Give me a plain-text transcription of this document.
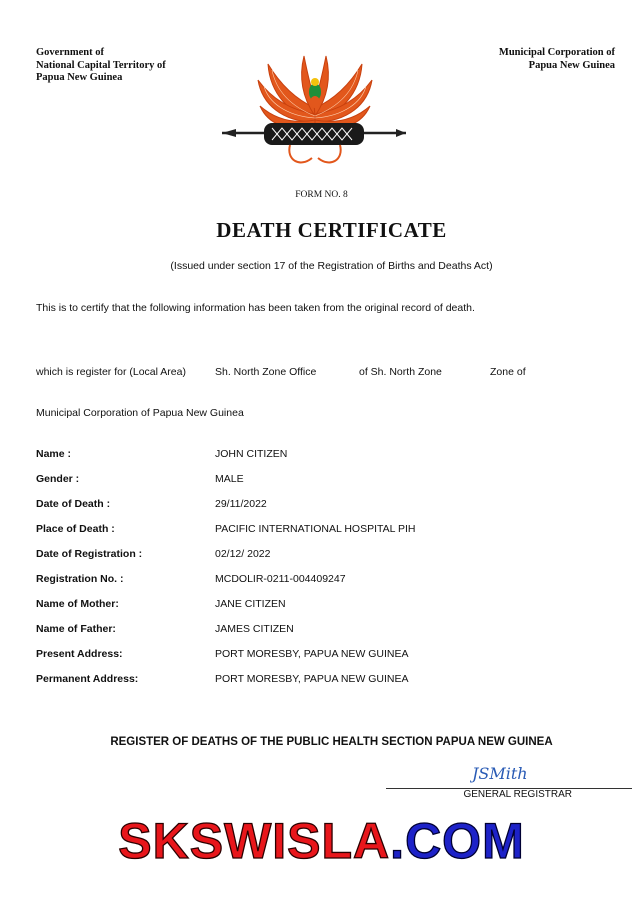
Government of
National Capital Territory of
Papua New Guinea
Municipal Corporation of
Papua New Guinea
FORM NO. 8
DEATH CERTIFICATE
(Issued under section 17 of the Registration of Births and Deaths Act)
This is to certify that the following information has been taken from the original record of death.
which is register for (Local Area)	Sh. North Zone Office	of Sh. North Zone	Zone of
Municipal Corporation of Papua New Guinea
Name :	JOHN CITIZEN
Gender :	MALE
Date of Death :	29/11/2022
Place of Death :	PACIFIC INTERNATIONAL HOSPITAL PIH
Date of Registration :	02/12/ 2022
Registration No. :	MCDOLIR-0211-004409247
Name of Mother:	JANE CITIZEN
Name of Father:	JAMES CITIZEN
Present Address:	PORT MORESBY, PAPUA NEW GUINEA
Permanent Address:	PORT MORESBY, PAPUA NEW GUINEA
REGISTER OF DEATHS OF THE PUBLIC HEALTH SECTION PAPUA NEW GUINEA
JSMith
GENERAL REGISTRAR
SKSWISLA.COM
